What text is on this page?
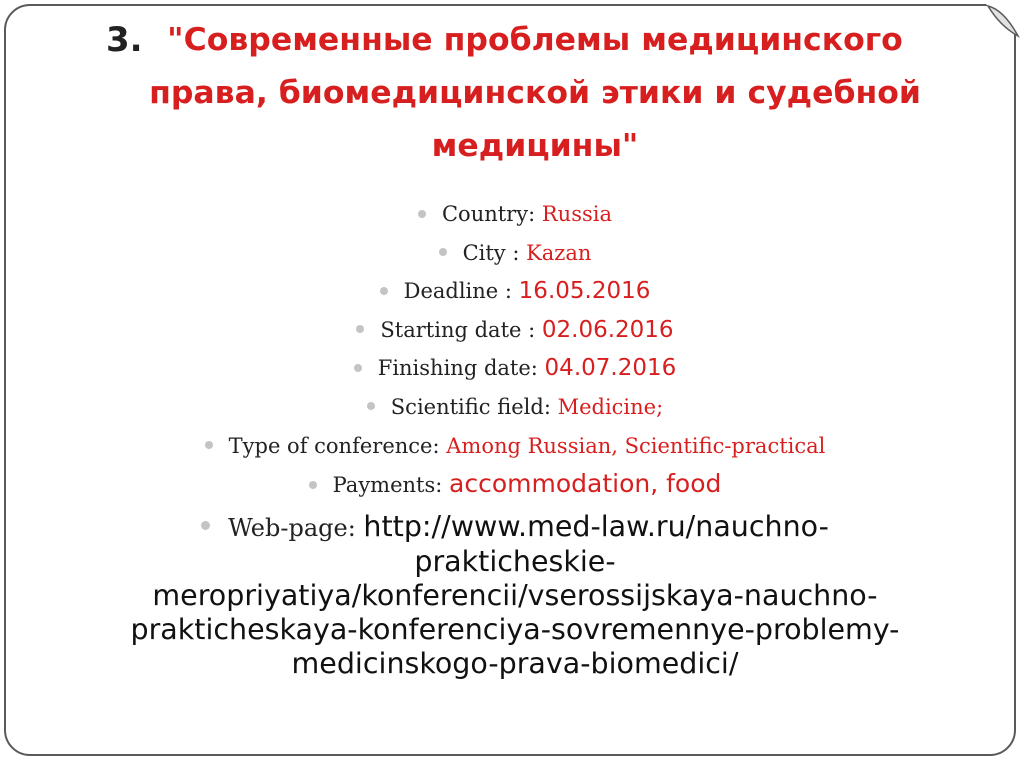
3. "Современные проблемы медицинского
права, биомедицинской этики и судебной
медицины"
Country: Russia
City : Kazan
Deadline : 16.05.2016
Starting date : 02.06.2016
Finishing date: 04.07.2016
Scientific field: Medicine;
Type of conference: Among Russian, Scientific-practical
Payments: accommodation, food
Web-page: http://www.med-law.ru/nauchno-
prakticheskie-
meropriyatiya/konferencii/vserossijskaya-nauchno-
prakticheskaya-konferenciya-sovremennye-problemy-
medicinskogo-prava-biomedici/
